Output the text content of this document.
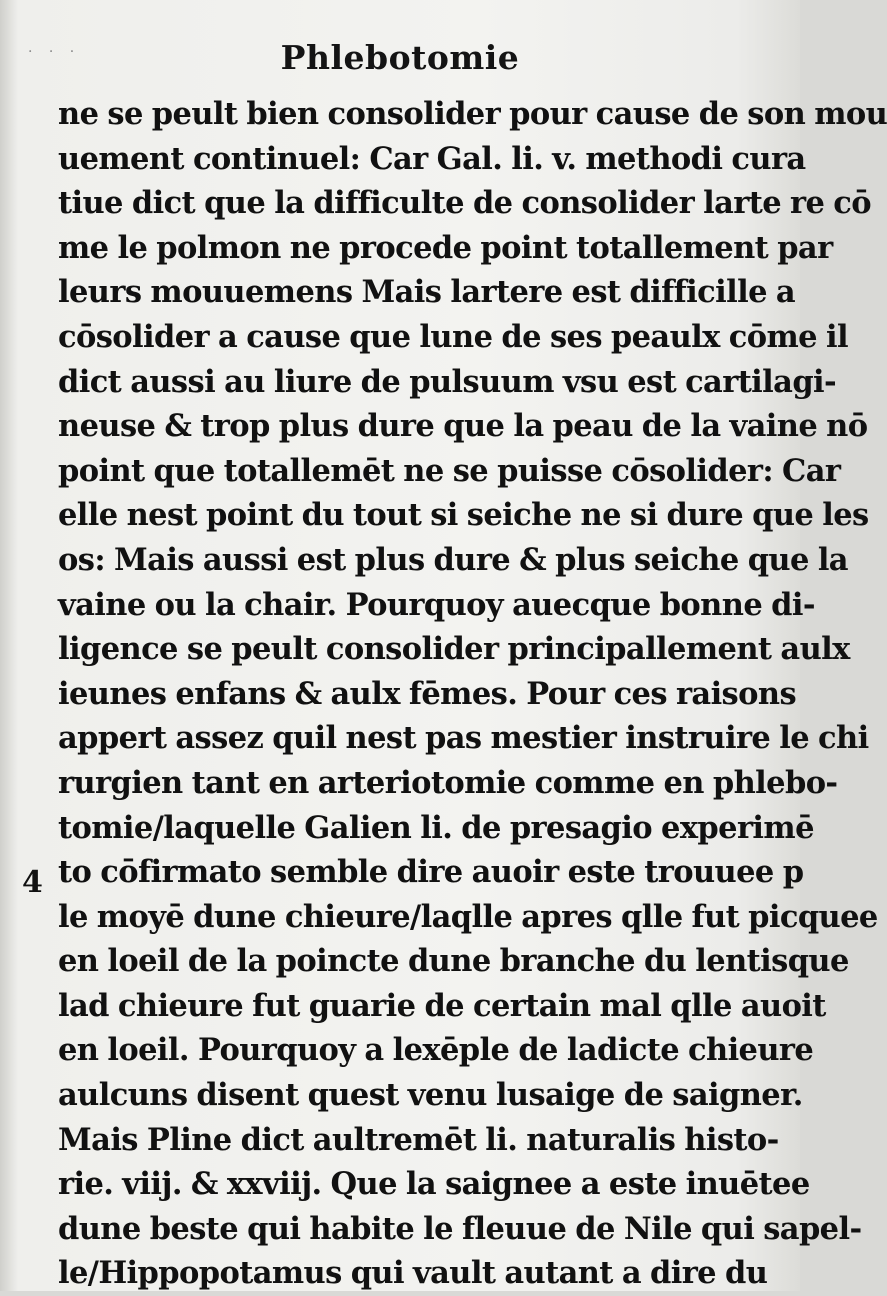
· · ·	Phlebotomie
4
ne se peult bien consolider pour cause de son mou
uement continuel: Car Gal. li. v. methodi cura
tiue dict que la difficulte de consolider larte re cō
me le polmon ne procede point totallement par
leurs mouuemens Mais lartere est difficille a
cōsolider a cause que lune de ses peaulx cōme il
dict aussi au liure de pulsuum vsu est cartilagi-
neuse & trop plus dure que la peau de la vaine nō
point que totallemēt ne se puisse cōsolider: Car
elle nest point du tout si seiche ne si dure que les
os: Mais aussi est plus dure & plus seiche que la
vaine ou la chair. Pourquoy auecque bonne di-
ligence se peult consolider principallement aulx
ieunes enfans & aulx fēmes. Pour ces raisons
appert assez quil nest pas mestier instruire le chi
rurgien tant en arteriotomie comme en phlebo-
tomie/laquelle Galien li. de presagio experimē
to cōfirmato semble dire auoir este trouuee p
le moyē dune chieure/laqlle apres qlle fut picquee
en loeil de la poincte dune branche du lentisque
lad chieure fut guarie de certain mal qlle auoit
en loeil. Pourquoy a lexēple de ladicte chieure
aulcuns disent quest venu lusaige de saigner.
Mais Pline dict aultremēt li. naturalis histo-
rie. viij. & xxviij. Que la saignee a este inuētee
dune beste qui habite le fleuue de Nile qui sapel-
le/Hippopotamus qui vault autant a dire du
